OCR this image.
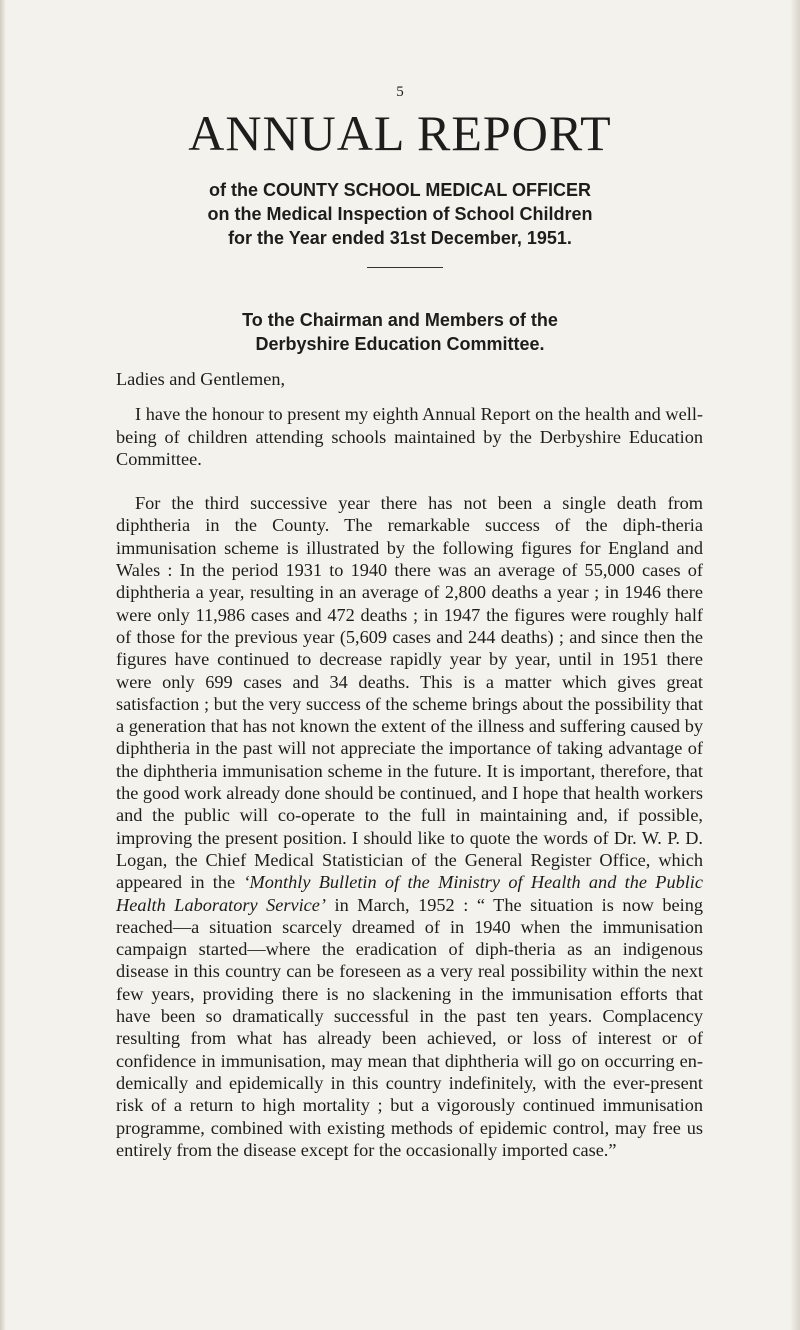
5
ANNUAL REPORT
of the COUNTY SCHOOL MEDICAL OFFICER
on the Medical Inspection of School Children
for the Year ended 31st December, 1951.
To the Chairman and Members of the
Derbyshire Education Committee.

Ladies and Gentlemen,

I have the honour to present my eighth Annual Report on the health and well-being of children attending schools maintained by the Derbyshire Education Committee.

For the third successive year there has not been a single death from diphtheria in the County. The remarkable success of the diph-theria immunisation scheme is illustrated by the following figures for England and Wales : In the period 1931 to 1940 there was an average of 55,000 cases of diphtheria a year, resulting in an average of 2,800 deaths a year ; in 1946 there were only 11,986 cases and 472 deaths ; in 1947 the figures were roughly half of those for the previous year (5,609 cases and 244 deaths) ; and since then the figures have continued to decrease rapidly year by year, until in 1951 there were only 699 cases and 34 deaths. This is a matter which gives great satisfaction ; but the very success of the scheme brings about the possibility that a generation that has not known the extent of the illness and suffering caused by diphtheria in the past will not appreciate the importance of taking advantage of the diphtheria immunisation scheme in the future. It is important, therefore, that the good work already done should be continued, and I hope that health workers and the public will co-operate to the full in maintaining and, if possible, improving the present position. I should like to quote the words of Dr. W. P. D. Logan, the Chief Medical Statistician of the General Register Office, which appeared in the ‘Monthly Bulletin of the Ministry of Health and the Public Health Laboratory Service’ in March, 1952 : “ The situation is now being reached—a situation scarcely dreamed of in 1940 when the immunisation campaign started—where the eradication of diph-theria as an indigenous disease in this country can be foreseen as a very real possibility within the next few years, providing there is no slackening in the immunisation efforts that have been so dramatically successful in the past ten years. Complacency resulting from what has already been achieved, or loss of interest or of confidence in immunisation, may mean that diphtheria will go on occurring en-demically and epidemically in this country indefinitely, with the ever-present risk of a return to high mortality ; but a vigorously continued immunisation programme, combined with existing methods of epidemic control, may free us entirely from the disease except for the occasionally imported case.”
